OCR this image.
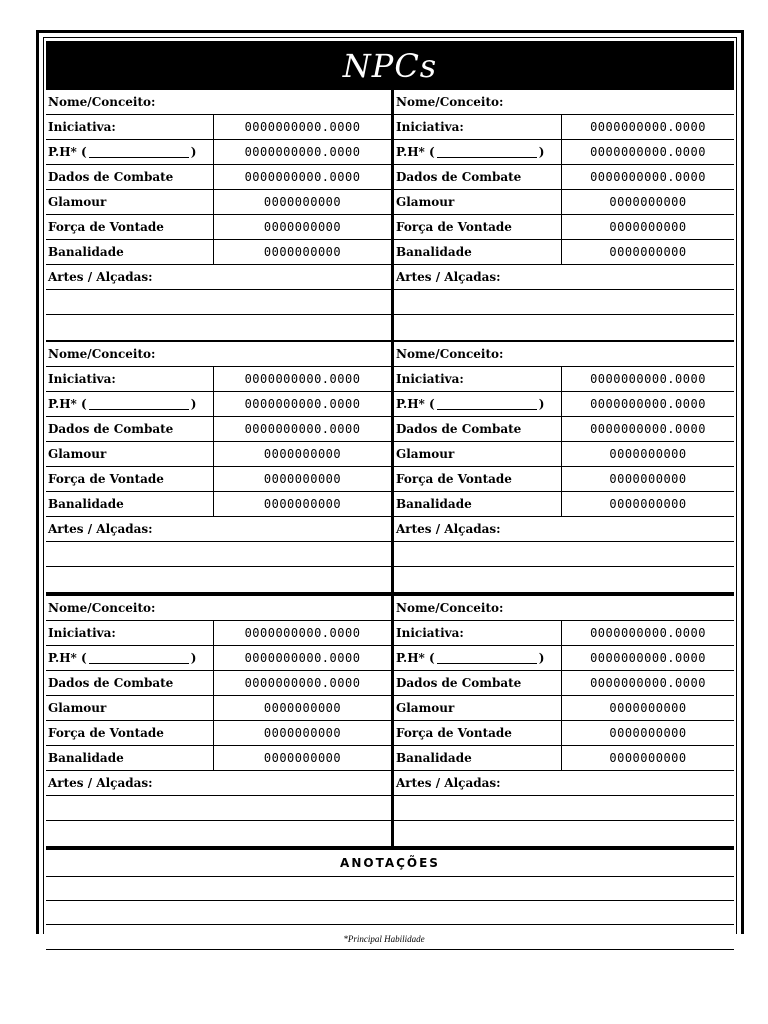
NPCs
Nome/Conceito:
Iniciativa:	0000000000.0000
P.H* (	)	0000000000.0000
Dados de Combate	0000000000.0000
Glamour	0000000000
Força de Vontade	0000000000
Banalidade	0000000000
Artes / Alçadas:
Nome/Conceito:
Iniciativa:	0000000000.0000
P.H* (	)	0000000000.0000
Dados de Combate	0000000000.0000
Glamour	0000000000
Força de Vontade	0000000000
Banalidade	0000000000
Artes / Alçadas:
Nome/Conceito:
Iniciativa:	0000000000.0000
P.H* (	)	0000000000.0000
Dados de Combate	0000000000.0000
Glamour	0000000000
Força de Vontade	0000000000
Banalidade	0000000000
Artes / Alçadas:
Nome/Conceito:
Iniciativa:	0000000000.0000
P.H* (	)	0000000000.0000
Dados de Combate	0000000000.0000
Glamour	0000000000
Força de Vontade	0000000000
Banalidade	0000000000
Artes / Alçadas:
Nome/Conceito:
Iniciativa:	0000000000.0000
P.H* (	)	0000000000.0000
Dados de Combate	0000000000.0000
Glamour	0000000000
Força de Vontade	0000000000
Banalidade	0000000000
Artes / Alçadas:
Nome/Conceito:
Iniciativa:	0000000000.0000
P.H* (	)	0000000000.0000
Dados de Combate	0000000000.0000
Glamour	0000000000
Força de Vontade	0000000000
Banalidade	0000000000
Artes / Alçadas:
ANOTAÇÕES
*Principal Habilidade
